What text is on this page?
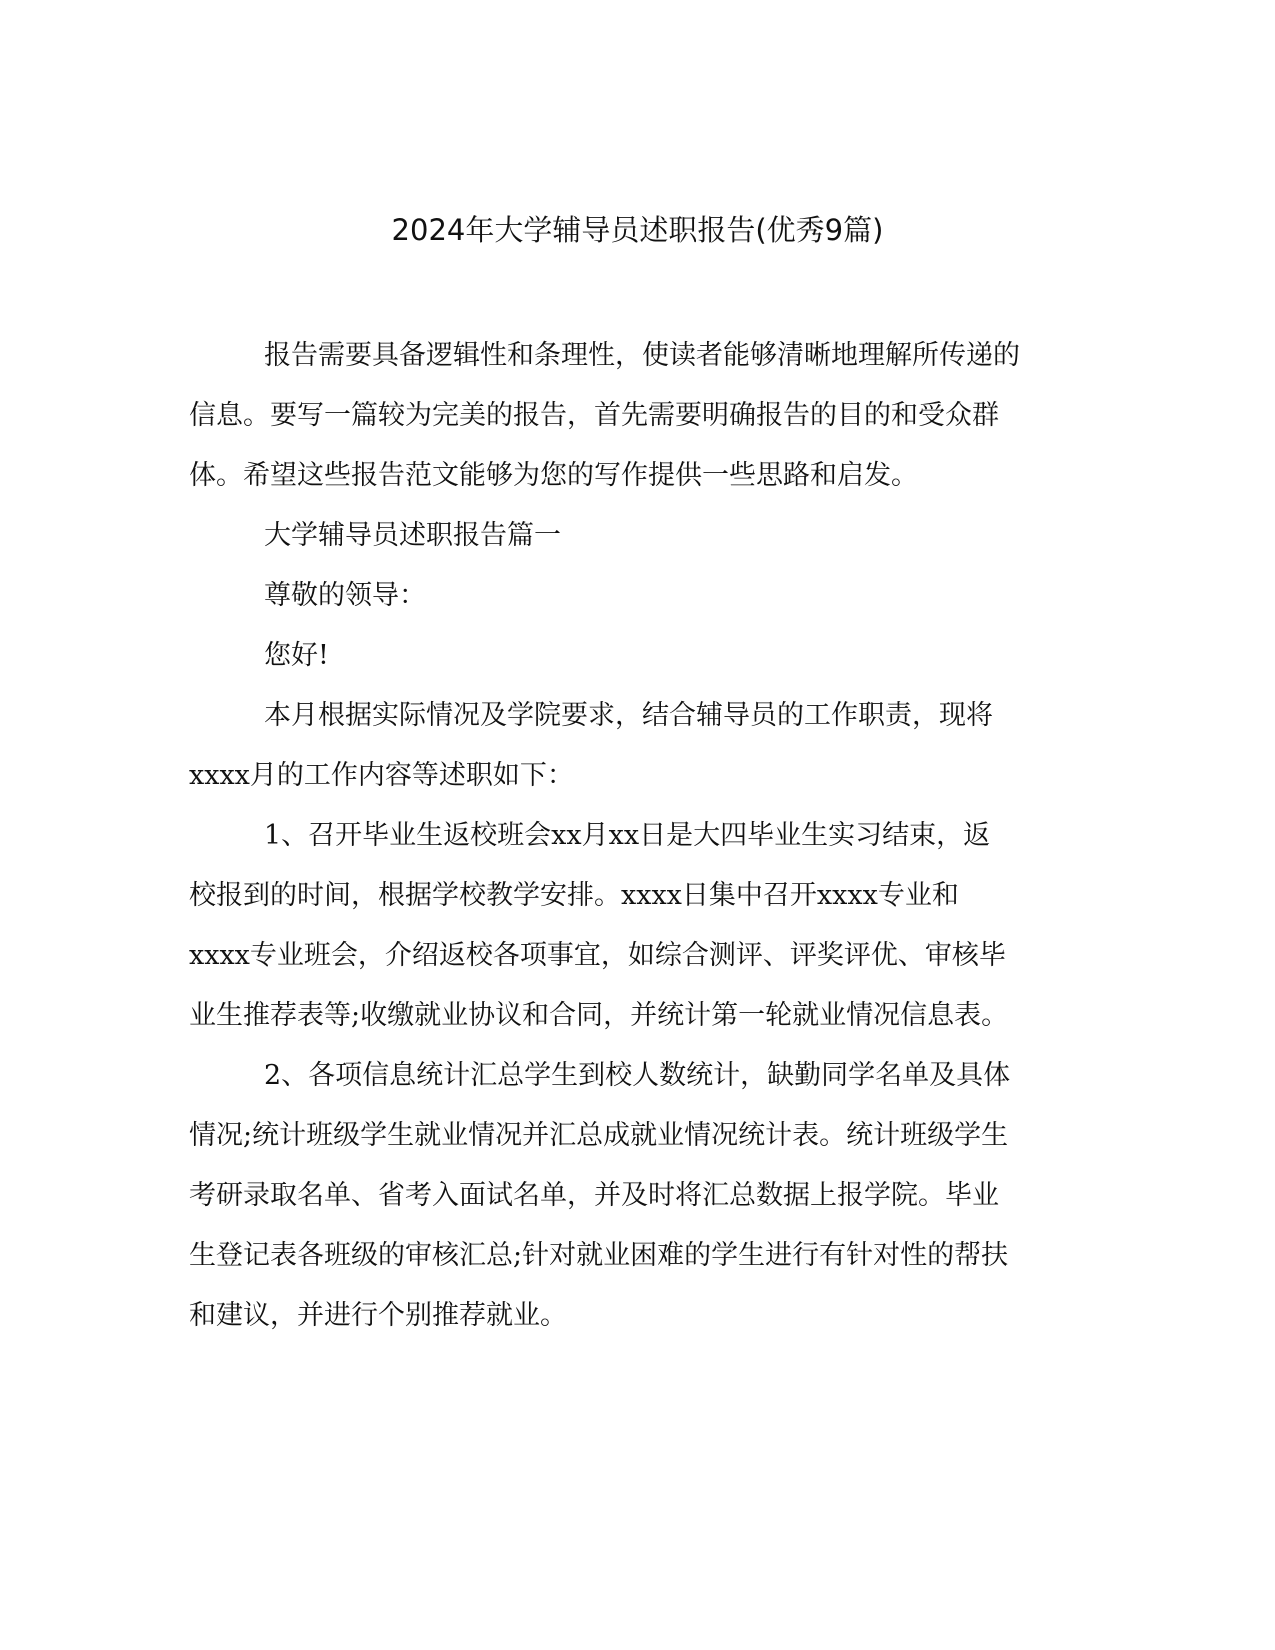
2024年大学辅导员述职报告(优秀9篇)
报告需要具备逻辑性和条理性，使读者能够清晰地理解所传递的
信息。要写一篇较为完美的报告，首先需要明确报告的目的和受众群
体。希望这些报告范文能够为您的写作提供一些思路和启发。
大学辅导员述职报告篇一
尊敬的领导：
您好!
本月根据实际情况及学院要求，结合辅导员的工作职责，现将
xxxx月的工作内容等述职如下：
1、召开毕业生返校班会xx月xx日是大四毕业生实习结束，返
校报到的时间，根据学校教学安排。xxxx日集中召开xxxx专业和
xxxx专业班会，介绍返校各项事宜，如综合测评、评奖评优、审核毕
业生推荐表等;收缴就业协议和合同，并统计第一轮就业情况信息表。
2、各项信息统计汇总学生到校人数统计，缺勤同学名单及具体
情况;统计班级学生就业情况并汇总成就业情况统计表。统计班级学生
考研录取名单、省考入面试名单，并及时将汇总数据上报学院。毕业
生登记表各班级的审核汇总;针对就业困难的学生进行有针对性的帮扶
和建议，并进行个别推荐就业。
